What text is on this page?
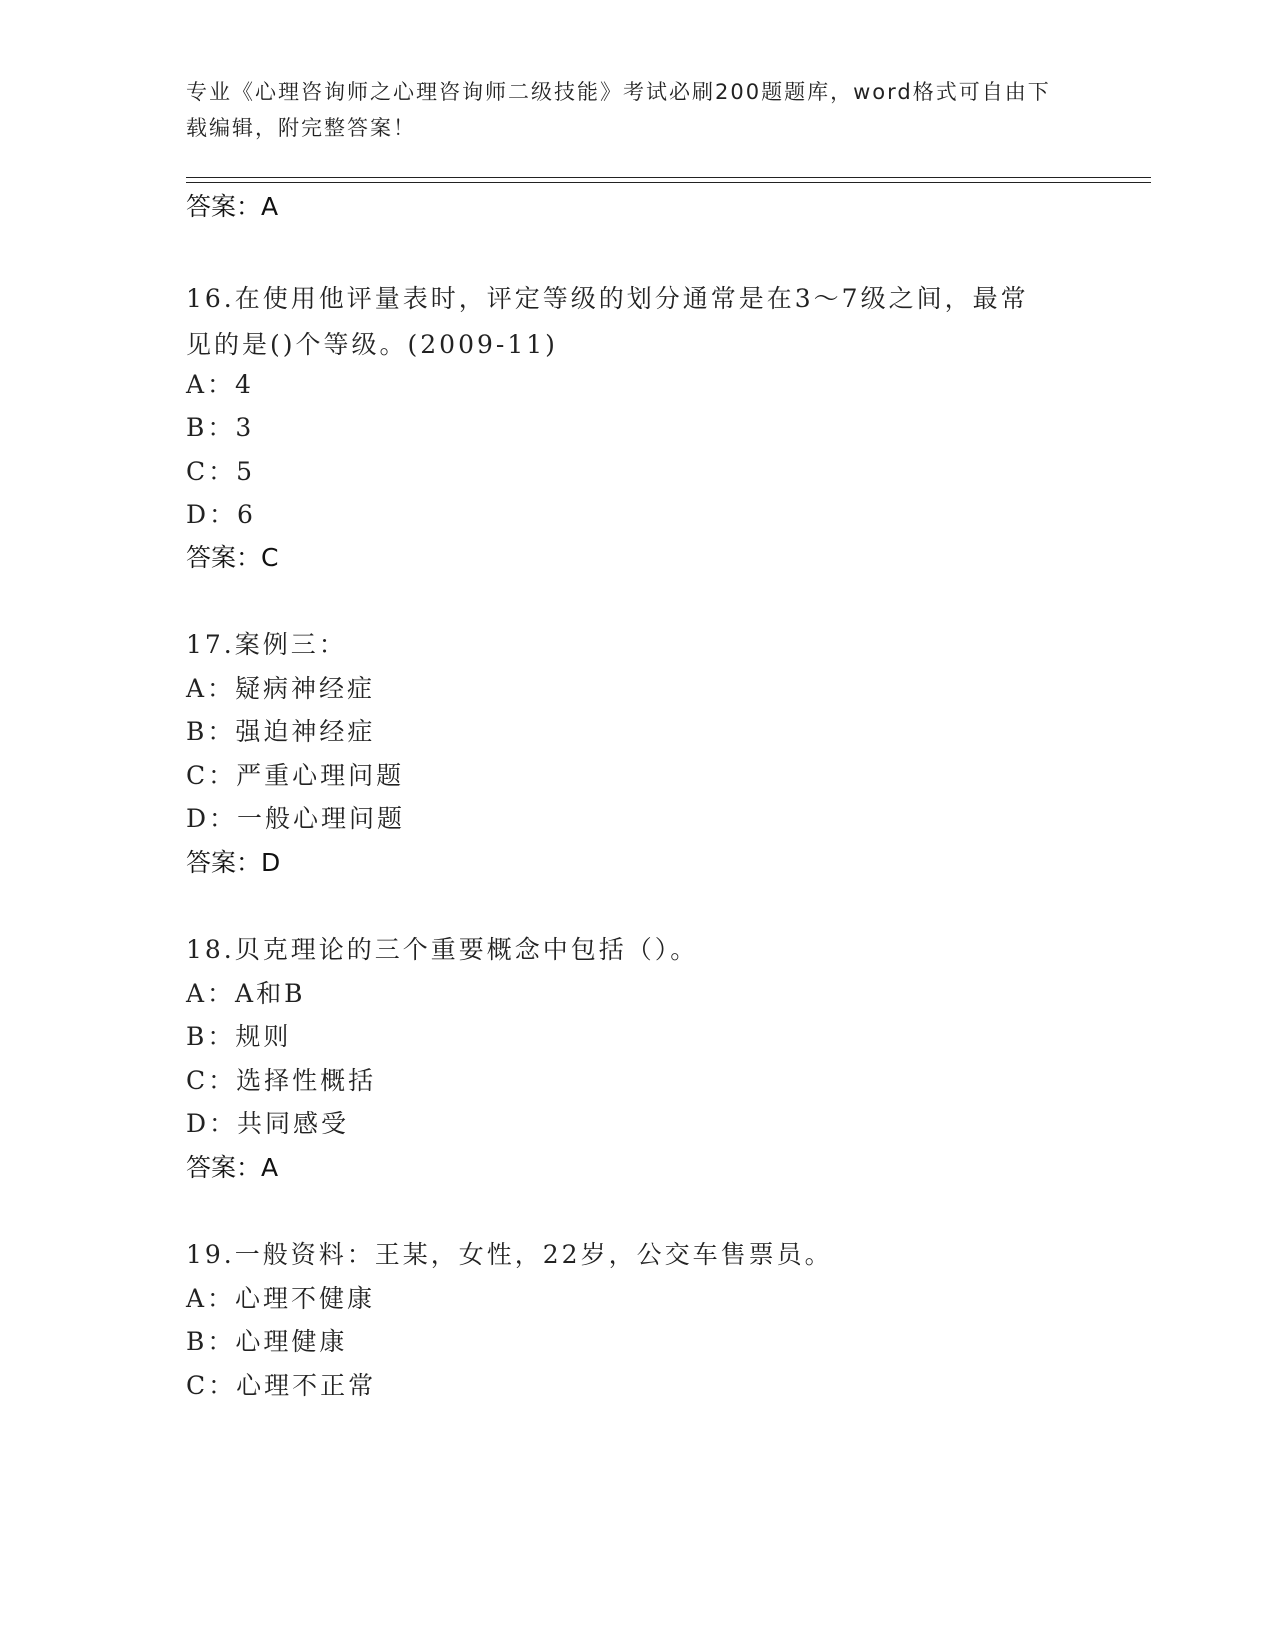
专业《心理咨询师之心理咨询师二级技能》考试必刷200题题库，word格式可自由下载编辑，附完整答案！
答案：A
16.在使用他评量表时，评定等级的划分通常是在3～7级之间，最常见的是()个等级。(2009-11)
A：4
B：3
C：5
D：6
答案：C
17.案例三：
A：疑病神经症
B：强迫神经症
C：严重心理问题
D：一般心理问题
答案：D
18.贝克理论的三个重要概念中包括（）。
A：A和B
B：规则
C：选择性概括
D：共同感受
答案：A
19.一般资料：王某，女性，22岁，公交车售票员。
A：心理不健康
B：心理健康
C：心理不正常
